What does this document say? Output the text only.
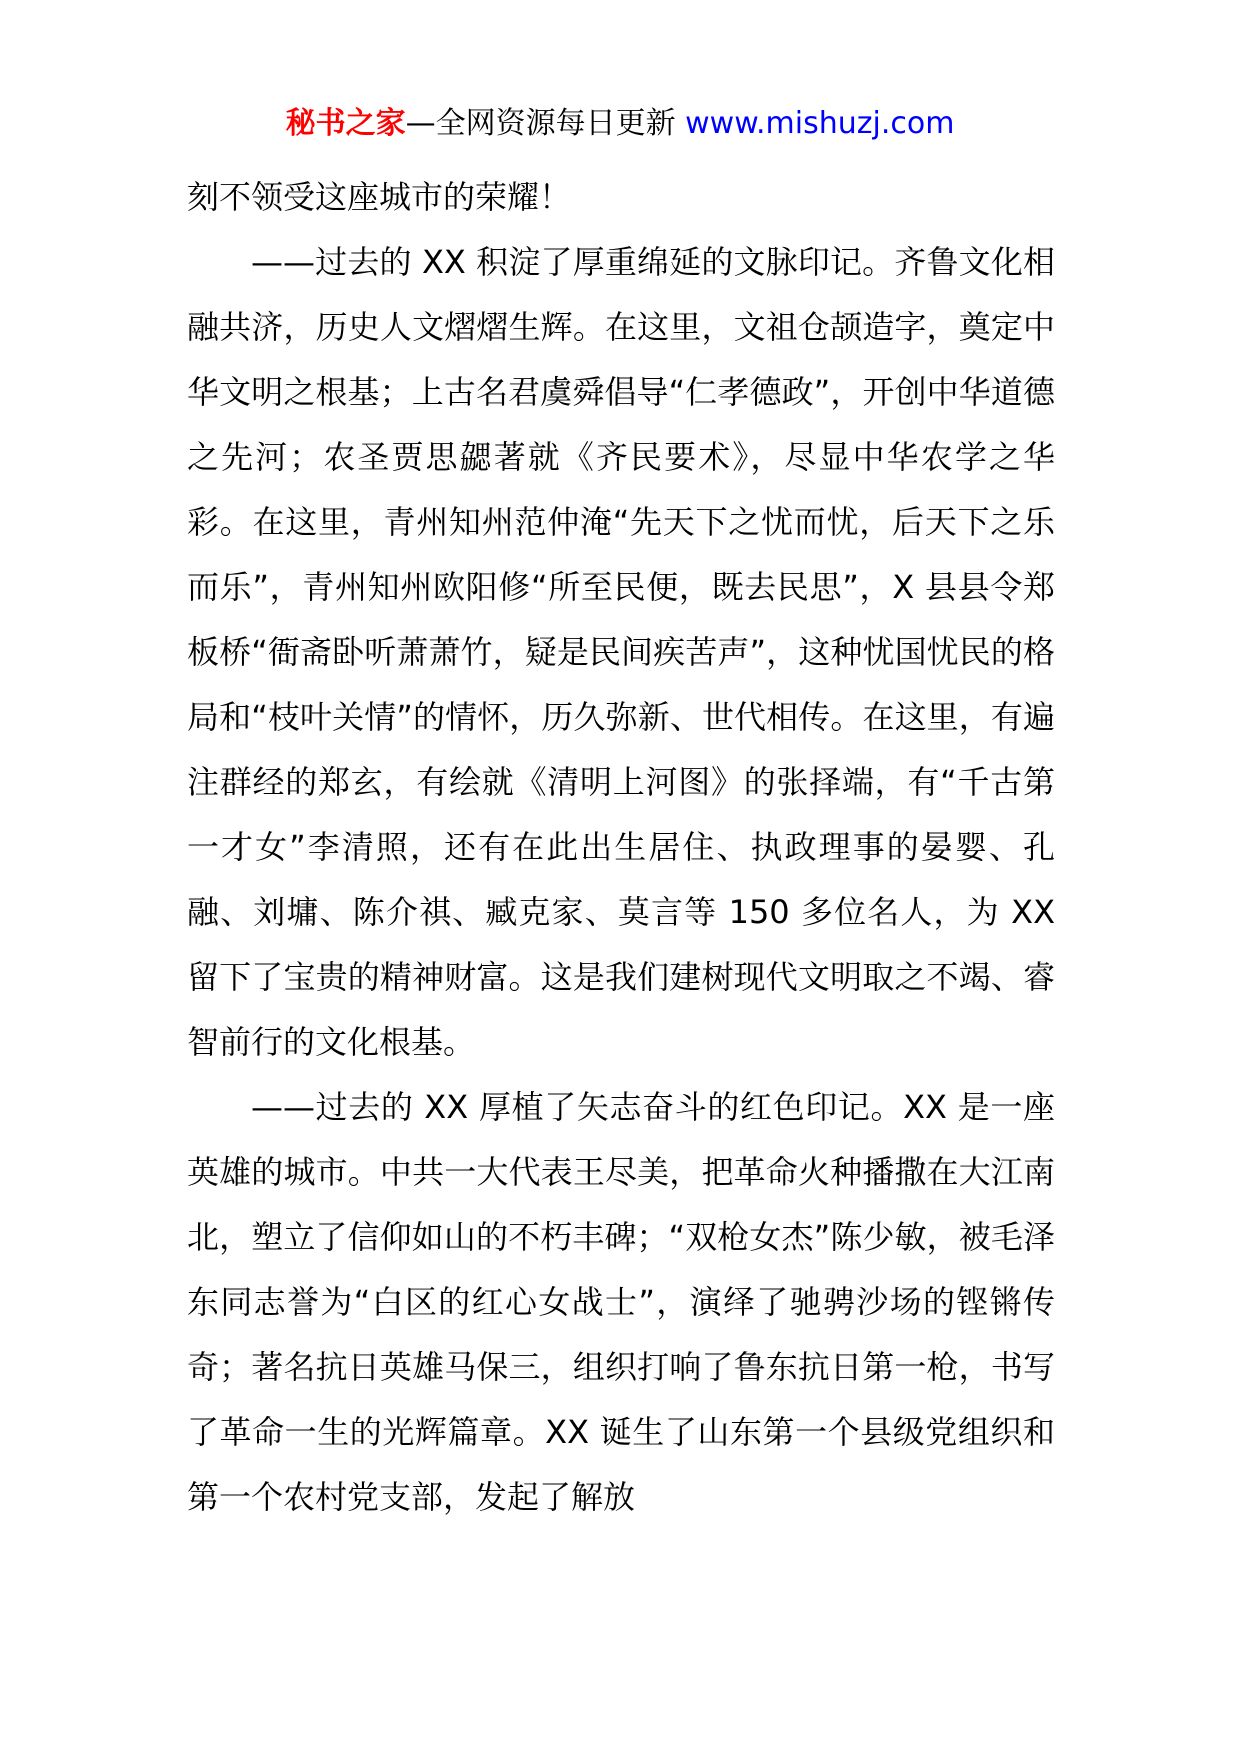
秘书之家—全网资源每日更新 www.mishuzj.com

刻不领受这座城市的荣耀！

——过去的 XX 积淀了厚重绵延的文脉印记。齐鲁文化相融共济，历史人文熠熠生辉。在这里，文祖仓颉造字，奠定中华文明之根基；上古名君虞舜倡导“仁孝德政”，开创中华道德之先河；农圣贾思勰著就《齐民要术》，尽显中华农学之华彩。在这里，青州知州范仲淹“先天下之忧而忧，后天下之乐而乐”，青州知州欧阳修“所至民便，既去民思”，X 县县令郑板桥“衙斋卧听萧萧竹，疑是民间疾苦声”，这种忧国忧民的格局和“枝叶关情”的情怀，历久弥新、世代相传。在这里，有遍注群经的郑玄，有绘就《清明上河图》的张择端，有“千古第一才女”李清照，还有在此出生居住、执政理事的晏婴、孔融、刘墉、陈介祺、臧克家、莫言等 150 多位名人，为 XX 留下了宝贵的精神财富。这是我们建树现代文明取之不竭、睿智前行的文化根基。

——过去的 XX 厚植了矢志奋斗的红色印记。XX 是一座英雄的城市。中共一大代表王尽美，把革命火种播撒在大江南北，塑立了信仰如山的不朽丰碑；“双枪女杰”陈少敏，被毛泽东同志誉为“白区的红心女战士”，演绎了驰骋沙场的铿锵传奇；著名抗日英雄马保三，组织打响了鲁东抗日第一枪，书写了革命一生的光辉篇章。XX 诞生了山东第一个县级党组织和第一个农村党支部，发起了解放
